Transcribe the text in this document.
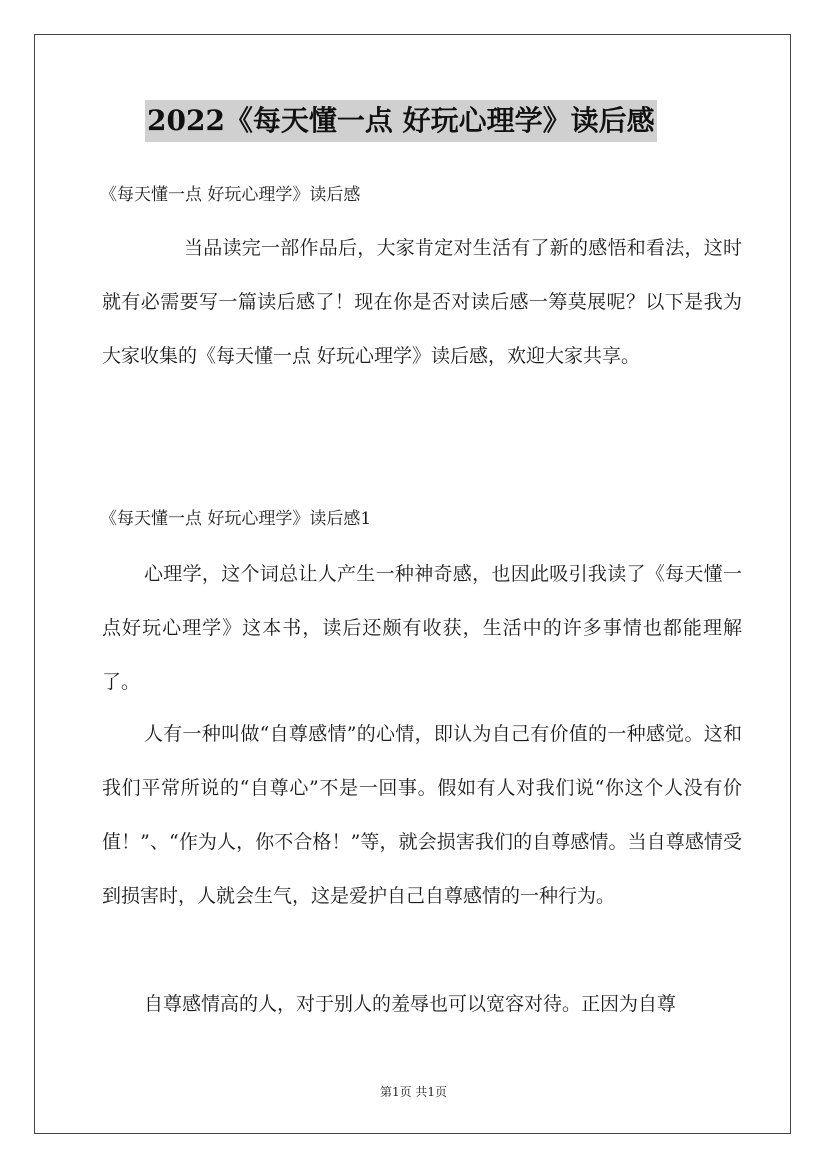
2022《每天懂一点 好玩心理学》读后感
《每天懂一点 好玩心理学》读后感

当品读完一部作品后，大家肯定对生活有了新的感悟和看法，这时就有必需要写一篇读后感了！现在你是否对读后感一筹莫展呢？以下是我为大家收集的《每天懂一点 好玩心理学》读后感，欢迎大家共享。

《每天懂一点 好玩心理学》读后感1

心理学，这个词总让人产生一种神奇感，也因此吸引我读了《每天懂一点好玩心理学》这本书，读后还颇有收获，生活中的许多事情也都能理解了。

人有一种叫做“自尊感情”的心情，即认为自己有价值的一种感觉。这和我们平常所说的“自尊心”不是一回事。假如有人对我们说“你这个人没有价值！”、“作为人，你不合格！”等，就会损害我们的自尊感情。当自尊感情受到损害时，人就会生气，这是爱护自己自尊感情的一种行为。

自尊感情高的人，对于别人的羞辱也可以宽容对待。正因为自尊

第1页 共1页
